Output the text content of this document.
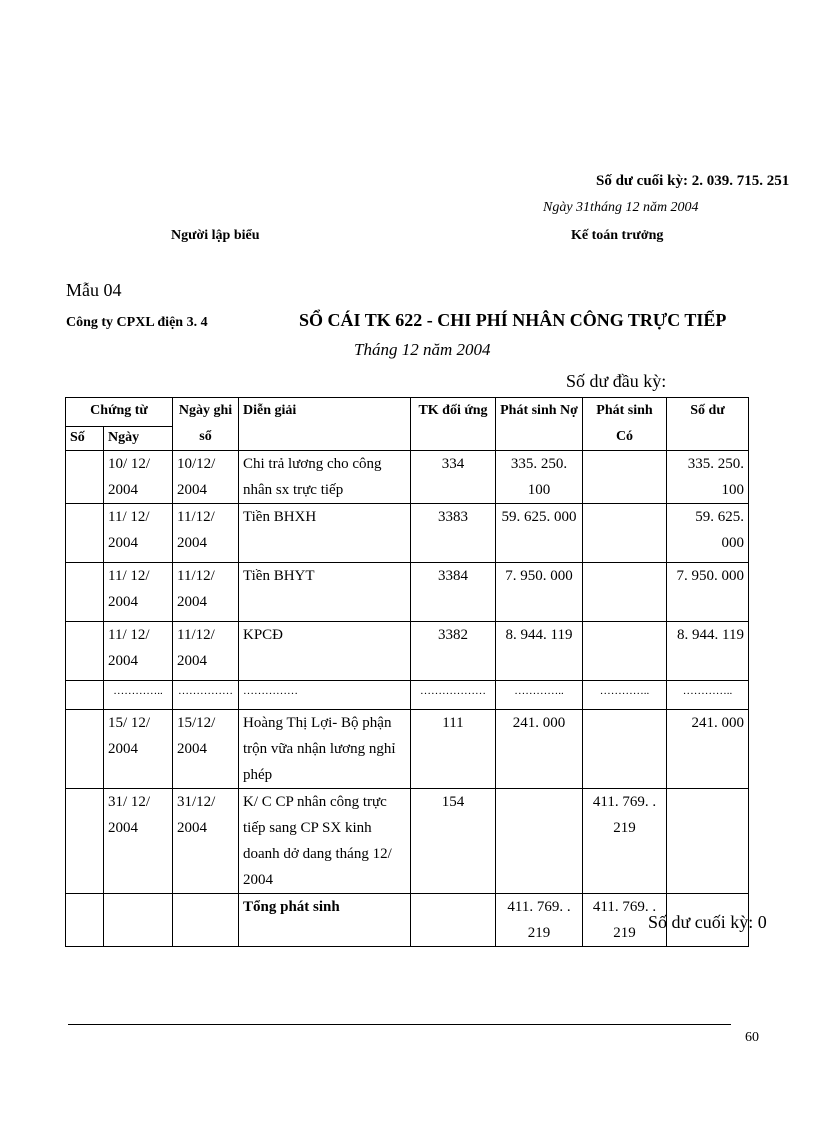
Số dư cuối kỳ: 2. 039. 715. 251
Ngày 31tháng 12 năm 2004
Người lập biểu	Kế toán trưởng
Mẫu 04
Công ty CPXL điện 3. 4	SỔ CÁI TK 622 - CHI PHÍ NHÂN CÔNG TRỰC TIẾP
Tháng 12 năm 2004
Số dư đầu kỳ:
Chứng từ		Ngày ghi sổ	Diễn giải	TK đối ứng	Phát sinh Nợ	Phát sinh Có	Số dư
Số	Ngày						
	10/ 12/ 2004	10/12/ 2004	Chi trả lương cho công nhân sx trực tiếp	334	335. 250. 100		335. 250. 100
	11/ 12/ 2004	11/12/ 2004	Tiền BHXH	3383	59. 625. 000		59. 625. 000
	11/ 12/ 2004	11/12/ 2004	Tiền BHYT	3384	7. 950. 000		7. 950. 000
	11/ 12/ 2004	11/12/ 2004	KPCĐ	3382	8. 944. 119		8. 944. 119
	…………..	……………	……………	………………	…………..	…………..	…………..
	15/ 12/ 2004	15/12/ 2004	Hoàng Thị Lợi- Bộ phận trộn vữa nhận lương nghỉ phép	111	241. 000		241. 000
	31/ 12/ 2004	31/12/ 2004	K/ C CP nhân công trực tiếp sang CP SX kinh doanh dở dang tháng 12/ 2004	154		411. 769. . 219	
			Tổng phát sinh		411. 769. . 219	411. 769. . 219	
Số dư cuối kỳ: 0
60
